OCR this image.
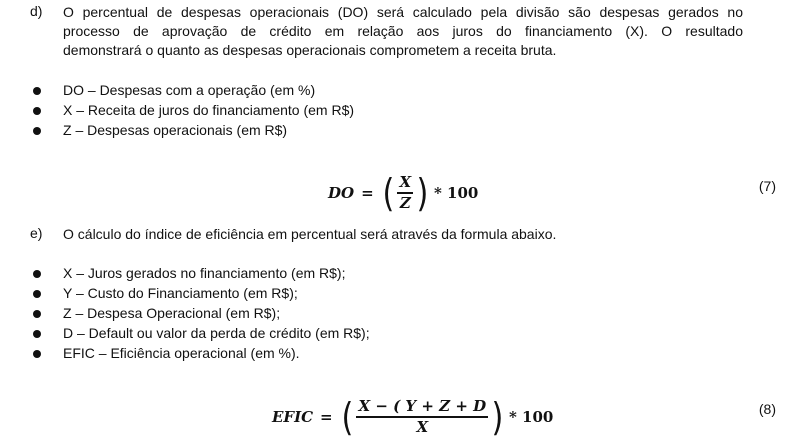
d)	O percentual de despesas operacionais (DO) será calculado pela divisão são despesas gerados no
processo de aprovação de crédito em relação aos juros do financiamento (X). O resultado
demonstrará o quanto as despesas operacionais comprometem a receita bruta.
DO – Despesas com a operação (em %)
X – Receita de juros do financiamento (em R$)
Z – Despesas operacionais (em R$)
DO = ( $\frac{X}{Z}$ ) * 100	(7)
e)	O cálculo do índice de eficiência em percentual será através da formula abaixo.
X – Juros gerados no financiamento (em R$);
Y – Custo do Financiamento (em R$);
Z – Despesa Operacional (em R$);
D – Default ou valor da perda de crédito (em R$);
EFIC – Eficiência operacional (em %).
EFIC = ( $\frac{X - ( Y + Z + D}{X}$ ) * 100	(8)
